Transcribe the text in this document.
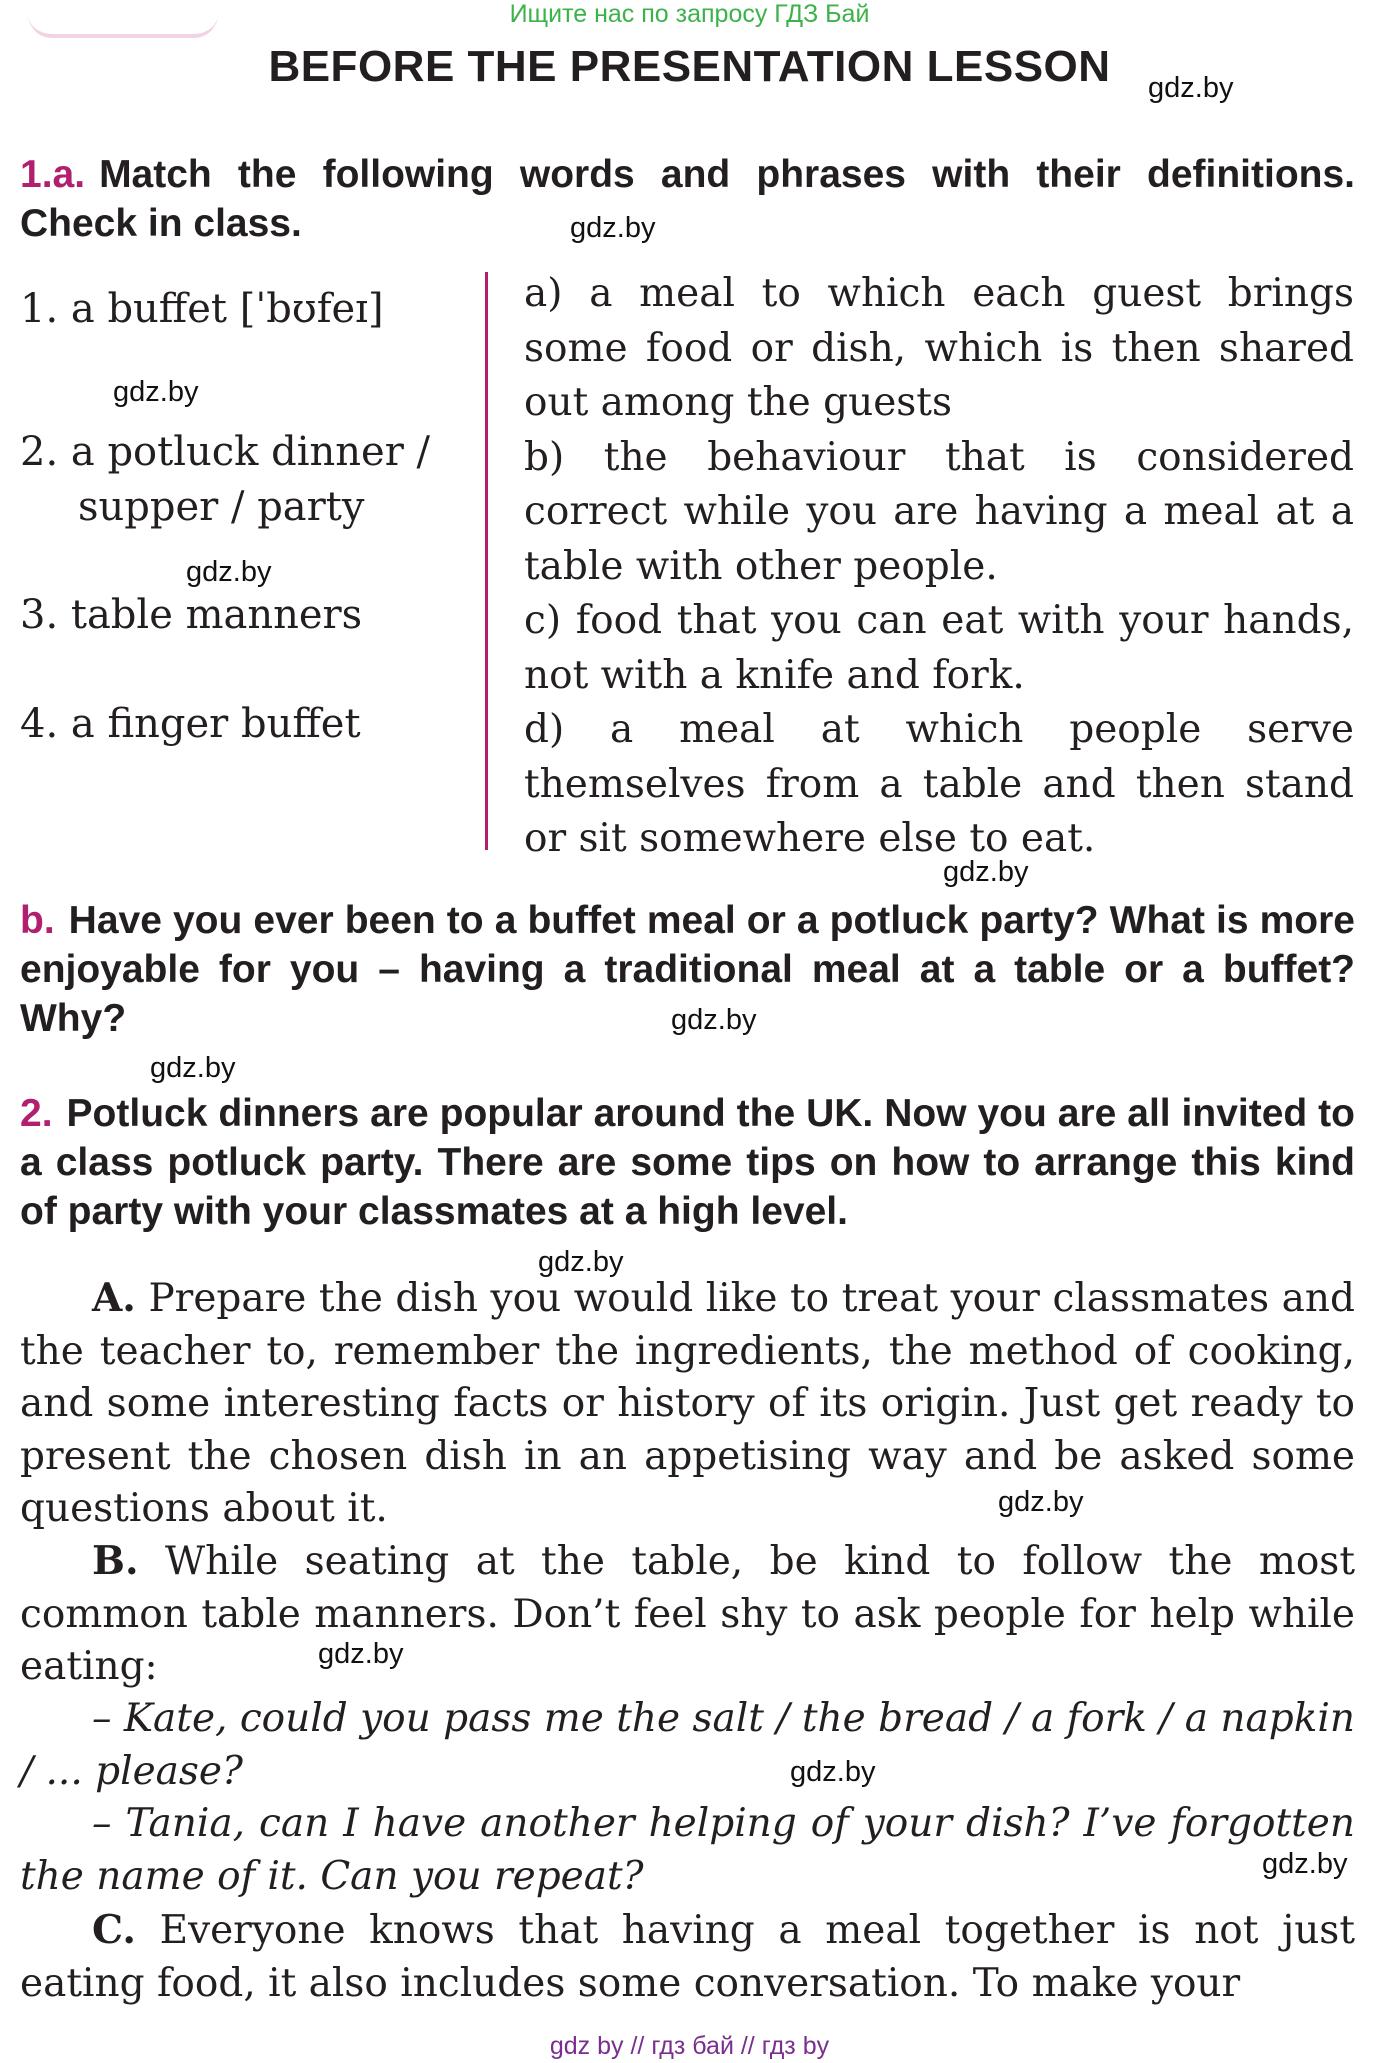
Ищите нас по запросу ГДЗ Бай
BEFORE THE PRESENTATION LESSON	gdz.by
gdz.by
gdz.by
gdz.by
gdz.by
gdz.by
gdz.by
gdz.by
gdz.by
gdz.by
gdz.by
gdz.by
1.a. Match the following words and phrases with their definitions. Check in class.
1. a buffet [ˈbʊfeɪ]
2. a potluck dinner /
supper / party
3. table manners
4. a finger buffet
a) a meal to which each guest brings some food or dish, which is then shared out among the guests
b) the behaviour that is considered correct while you are having a meal at a table with other people.
c) food that you can eat with your hands, not with a knife and fork.
d) a meal at which people serve themselves from a table and then stand or sit somewhere else to eat.
b. Have you ever been to a buffet meal or a potluck party? What is more enjoyable for you – having a traditional meal at a table or a buffet? Why?
2. Potluck dinners are popular around the UK. Now you are all invited to a class potluck party. There are some tips on how to arrange this kind of party with your classmates at a high level.
A. Prepare the dish you would like to treat your classmates and the teacher to, remember the ingredients, the method of cooking, and some interesting facts or history of its origin. Just get ready to present the chosen dish in an appetising way and be asked some questions about it.
B. While seating at the table, be kind to follow the most common table manners. Don’t feel shy to ask people for help while eating:
– Kate, could you pass me the salt / the bread / a fork / a napkin / ... please?
– Tania, can I have another helping of your dish? I’ve forgotten the name of it. Can you repeat?
C. Everyone knows that having a meal together is not just eating food, it also includes some conversation. To make your
gdz by // гдз бай // гдз by
